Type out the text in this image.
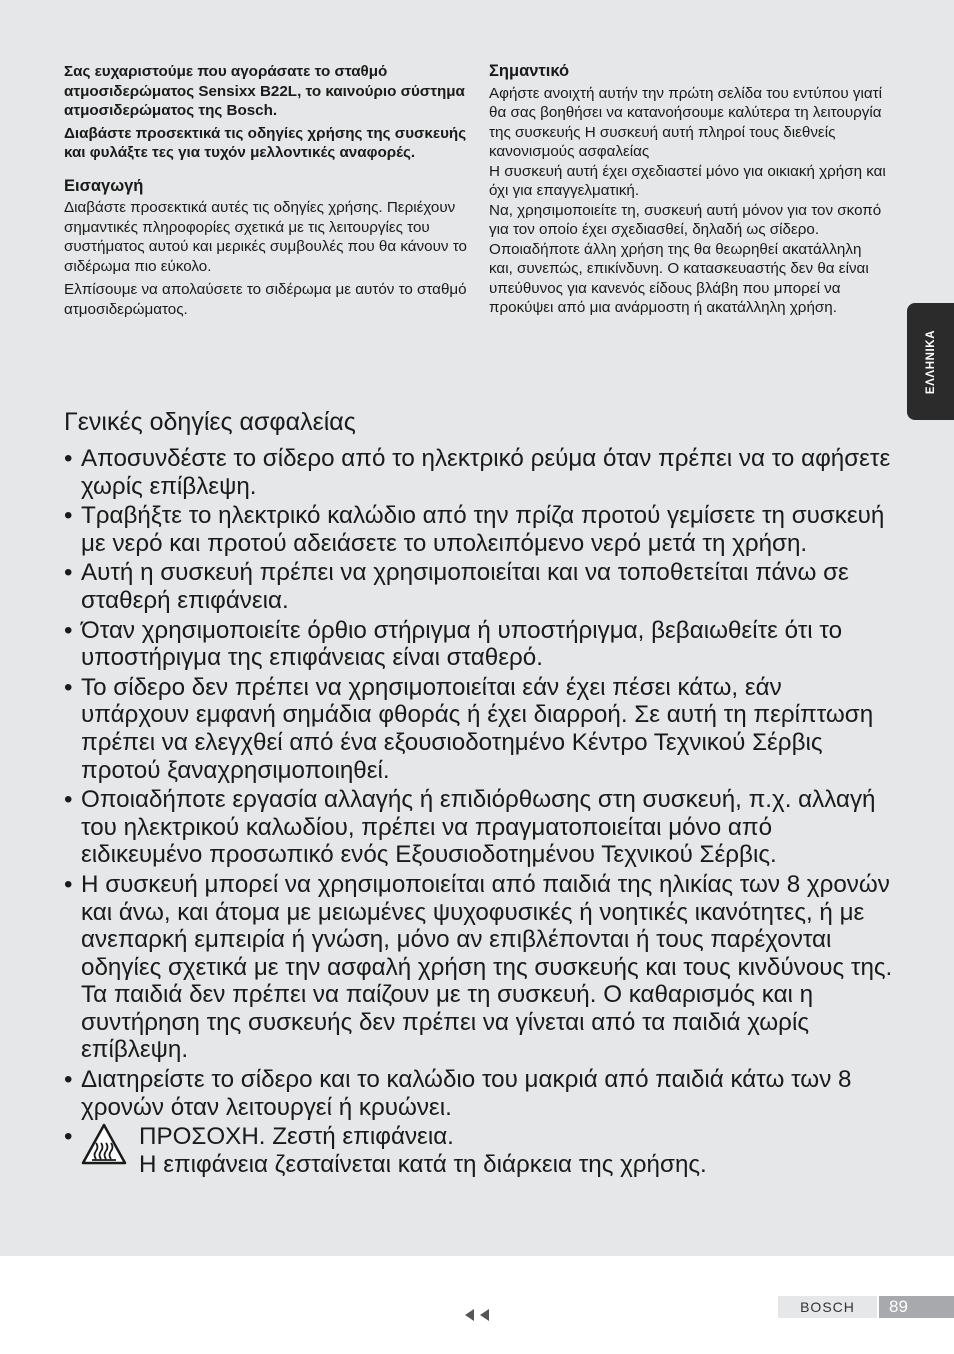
Σας ευχαριστούμε που αγοράσατε το σταθμό ατμοσιδερώματος Sensixx B22L, το καινούριο σύστημα ατμοσιδερώματος της Bosch.

Διαβάστε προσεκτικά τις οδηγίες χρήσης της συσκευής και φυλάξτε τες για τυχόν μελλοντικές αναφορές.

Εισαγωγή

Διαβάστε προσεκτικά αυτές τις οδηγίες χρήσης. Περιέχουν σημαντικές πληροφορίες σχετικά με τις λειτουργίες του συστήματος αυτού και μερικές συμβουλές που θα κάνουν το σιδέρωμα πιο εύκολο.

Ελπίσουμε να απολαύσετε το σιδέρωμα με αυτόν το σταθμό ατμοσιδερώματος.

Σημαντικό

Αφήστε ανοιχτή αυτήν την πρώτη σελίδα του εντύπου γιατί θα σας βοηθήσει να κατανοήσουμε καλύτερα τη λειτουργία της συσκευής Η συσκευή αυτή πληροί τους διεθνείς κανονισμούς ασφαλείας

Η συσκευή αυτή έχει σχεδιαστεί μόνο για οικιακή χρήση και όχι για επαγγελματική.

Να, χρησιμοποιείτε τη, συσκευή αυτή μόνον για τον σκοπό για τον οποίο έχει σχεδιασθεί, δηλαδή ως σίδερο. Οποιαδήποτε άλλη χρήση της θα θεωρηθεί ακατάλληλη και, συνεπώς, επικίνδυνη. Ο κατασκευαστής δεν θα είναι υπεύθυνος για κανενός είδους βλάβη που μπορεί να προκύψει από μια ανάρμοστη ή ακατάλληλη χρήση.

ΕΛΛΗΝΙΚΑ
Γενικές οδηγίες ασφαλείας
• Αποσυνδέστε το σίδερο από το ηλεκτρικό ρεύμα όταν πρέπει να το αφήσετε χωρίς επίβλεψη.
• Τραβήξτε το ηλεκτρικό καλώδιο από την πρίζα προτού γεμίσετε τη συσκευή με νερό και προτού αδειάσετε το υπολειπόμενο νερό μετά τη χρήση.
• Αυτή η συσκευή πρέπει να χρησιμοποιείται και να τοποθετείται πάνω σε σταθερή επιφάνεια.
• Όταν χρησιμοποιείτε όρθιο στήριγμα ή υποστήριγμα, βεβαιωθείτε ότι το υποστήριγμα της επιφάνειας είναι σταθερό.
• Το σίδερο δεν πρέπει να χρησιμοποιείται εάν έχει πέσει κάτω, εάν υπάρχουν εμφανή σημάδια φθοράς ή έχει διαρροή. Σε αυτή τη περίπτωση πρέπει να ελεγχθεί από ένα εξουσιοδοτημένο Κέντρο Τεχνικού Σέρβις προτού ξαναχρησιμοποιηθεί.
• Οποιαδήποτε εργασία αλλαγής ή επιδιόρθωσης στη συσκευή, π.χ. αλλαγή του ηλεκτρικού καλωδίου, πρέπει να πραγματοποιείται μόνο από ειδικευμένο προσωπικό ενός Εξουσιοδοτημένου Τεχνικού Σέρβις.
• Η συσκευή μπορεί να χρησιμοποιείται από παιδιά της ηλικίας των 8 χρονών και άνω, και άτομα με μειωμένες ψυχοφυσικές ή νοητικές ικανότητες, ή με ανεπαρκή εμπειρία ή γνώση, μόνο αν επιβλέπονται ή τους παρέχονται οδηγίες σχετικά με την ασφαλή χρήση της συσκευής και τους κινδύνους της. Τα παιδιά δεν πρέπει να παίζουν με τη συσκευή. Ο καθαρισμός και η συντήρηση της συσκευής δεν πρέπει να γίνεται από τα παιδιά χωρίς επίβλεψη.
• Διατηρείστε το σίδερο και το καλώδιο του μακριά από παιδιά κάτω των 8 χρονών όταν λειτουργεί ή κρυώνει.
•	ΠΡΟΣΟΧΗ. Ζεστή επιφάνεια.
Η επιφάνεια ζεσταίνεται κατά τη διάρκεια της χρήσης.
BOSCH	89
